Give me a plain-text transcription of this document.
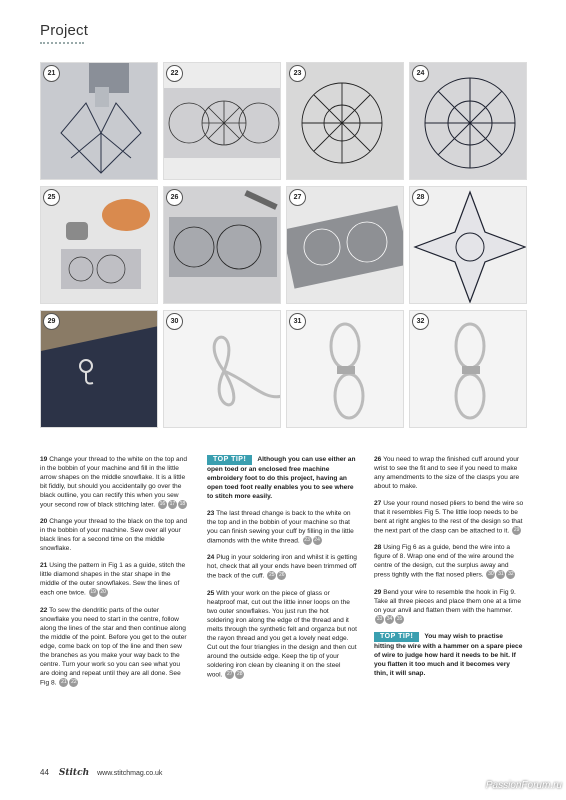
Project
21	22	23	24
25	26	27	28
29	30	31	32

19 Change your thread to the white on the top and in the bobbin of your machine and fill in the little arrow shapes on the middle snowflake. It is a little bit fiddly, but should you accidentally go over the black outline, you can rectify this when you sew your second row of black stitching later. 16 17 18

20 Change your thread to the black on the top and in the bobbin of your machine. Sew over all your black lines for a second time on the middle snowflake.

21 Using the pattern in Fig 1 as a guide, stitch the little diamond shapes in the star shape in the middle of the outer snowflakes. Sew the lines of each one twice. 19 20

22 To sew the dendritic parts of the outer snowflake you need to start in the centre, follow along the lines of the star and then continue along the middle of the point. Before you get to the outer edge, come back on top of the line and then sew the branches as you make your way back to the centre. Turn your work so you can see what you are doing and repeat until they are all done. See Fig 8. 21 22

TOP TIP! Although you can use either an open toed or an enclosed free machine embroidery foot to do this project, having an open toed foot really enables you to see where to stitch more easily.

23 The last thread change is back to the white on the top and in the bobbin of your machine so that you can finish sewing your cuff by filling in the little diamonds with the white thread. 23 24

24 Plug in your soldering iron and whilst it is getting hot, check that all your ends have been trimmed off the back of the cuff. 25 26

25 With your work on the piece of glass or heatproof mat, cut out the little inner loops on the two outer snowflakes. You just run the hot soldering iron along the edge of the thread and it melts through the synthetic felt and organza but not the rayon thread and you get a lovely neat edge. Cut out the four triangles in the design and then cut around the outside edge. Keep the tip of your soldering iron clean by cleaning it on the steel wool. 27 28

26 You need to wrap the finished cuff around your wrist to see the fit and to see if you need to make any amendments to the size of the clasps you are about to make.

27 Use your round nosed pliers to bend the wire so that it resembles Fig 5. The little loop needs to be bent at right angles to the rest of the design so that the next part of the clasp can be attached to it. 29

28 Using Fig 6 as a guide, bend the wire into a figure of 8. Wrap one end of the wire around the centre of the design, cut the surplus away and press tightly with the flat nosed pliers. 30 31 32

29 Bend your wire to resemble the hook in Fig 9. Take all three pieces and place them one at a time on your anvil and flatten them with the hammer. 33 34 35

TOP TIP! You may wish to practise hitting the wire with a hammer on a spare piece of wire to judge how hard it needs to be hit. If you flatten it too much and it becomes very thin, it will snap.
44 Stitch www.stitchmag.co.uk
PassionForum.ru
